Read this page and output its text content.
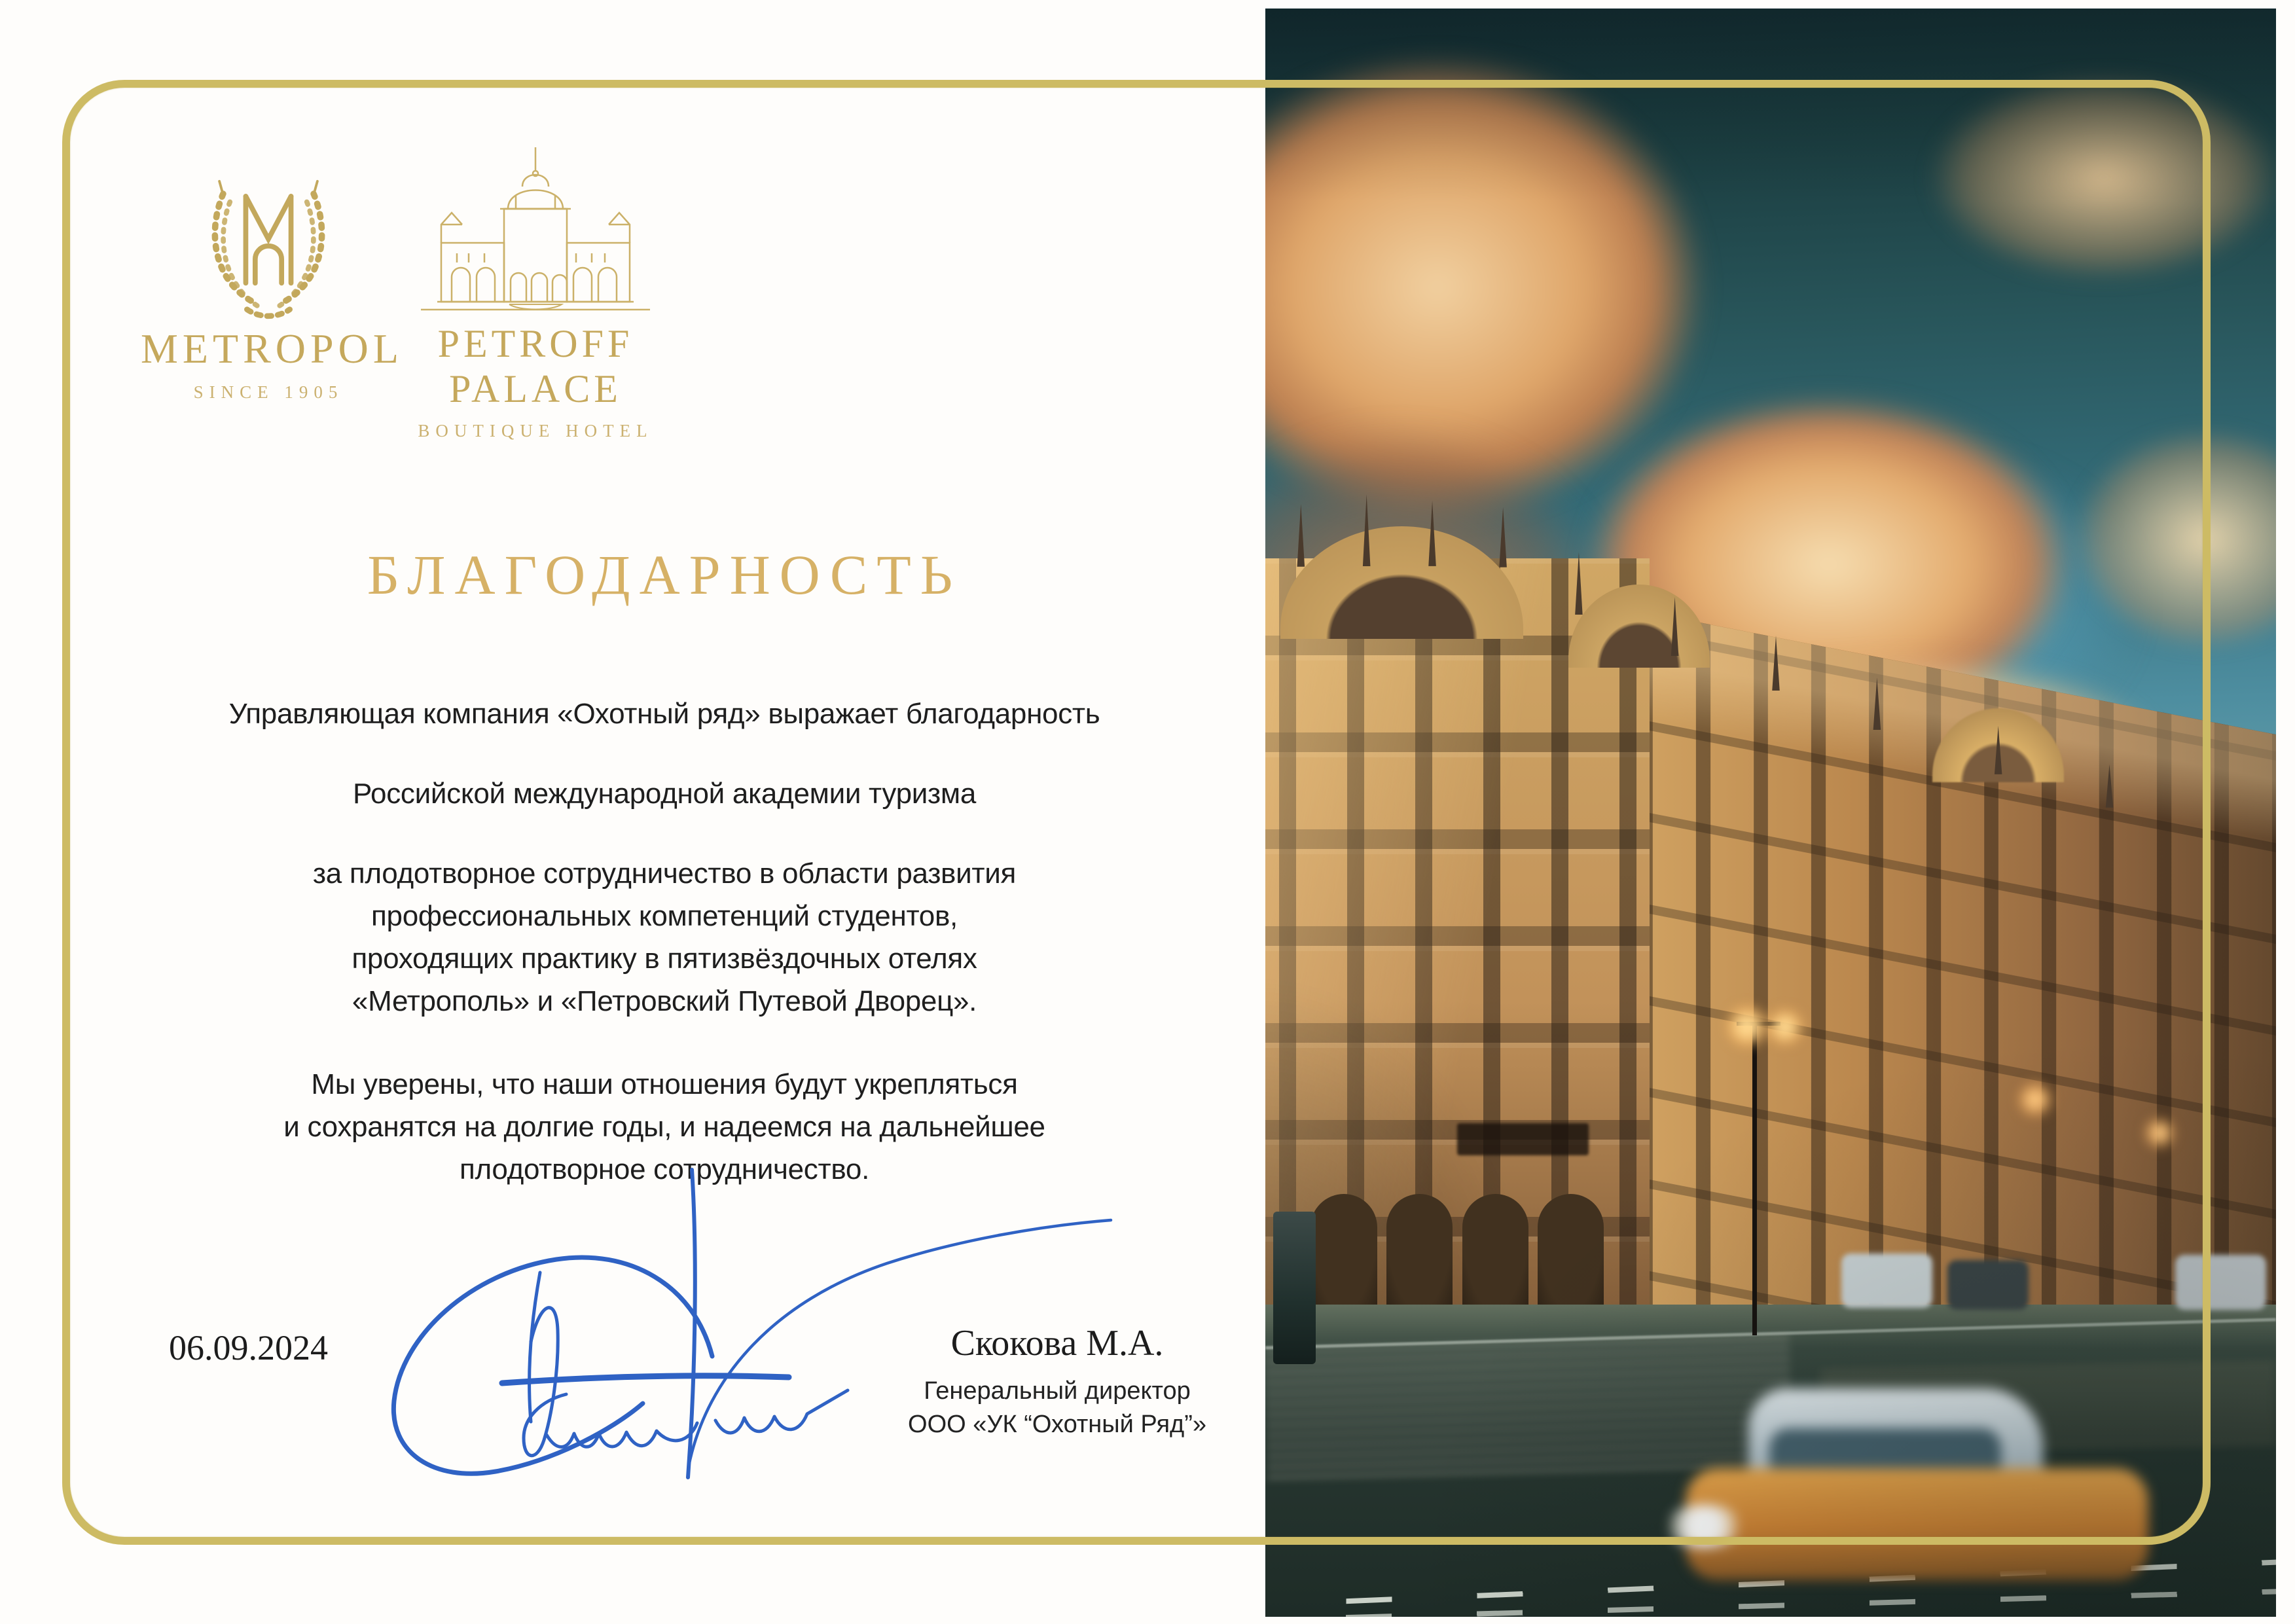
METROPOL
SINCE 1905
PETROFF PALACE
BOUTIQUE HOTEL
БЛАГОДАРНОСТЬ
Управляющая компания «Охотный ряд» выражает благодарность
Российской международной академии туризма
за плодотворное сотрудничество в области развития
профессиональных компетенций студентов,
проходящих практику в пятизвёздочных отелях
«Метрополь» и «Петровский Путевой Дворец».
Мы уверены, что наши отношения будут укрепляться
и сохранятся на долгие годы, и надеемся на дальнейшее
плодотворное сотрудничество.
06.09.2024	Скокова М.А.
Генеральный директор
ООО «УК “Охотный Ряд”»
